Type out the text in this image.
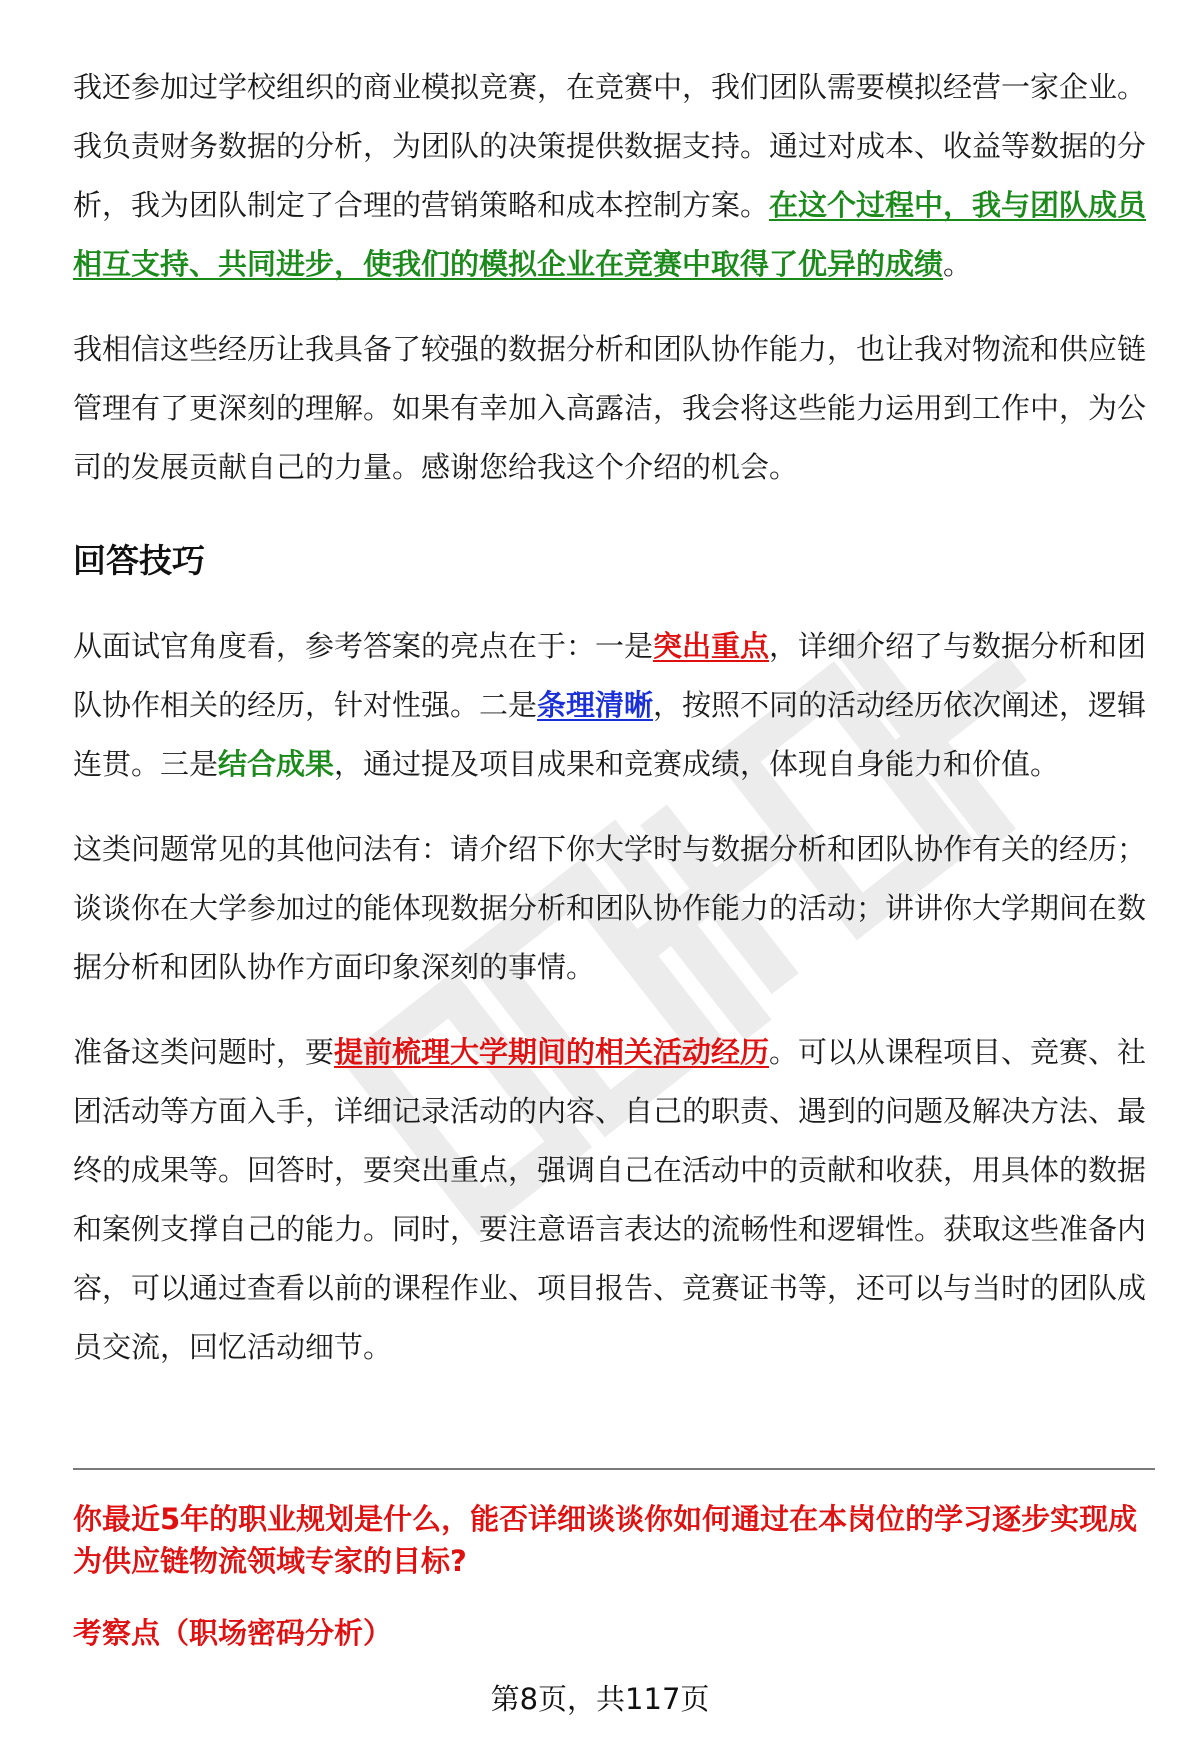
我还参加过学校组织的商业模拟竞赛，在竞赛中，我们团队需要模拟经营一家企业。我负责财务数据的分析，为团队的决策提供数据支持。通过对成本、收益等数据的分析，我为团队制定了合理的营销策略和成本控制方案。在这个过程中，我与团队成员相互支持、共同进步，使我们的模拟企业在竞赛中取得了优异的成绩。

我相信这些经历让我具备了较强的数据分析和团队协作能力，也让我对物流和供应链管理有了更深刻的理解。如果有幸加入高露洁，我会将这些能力运用到工作中，为公司的发展贡献自己的力量。感谢您给我这个介绍的机会。

回答技巧

从面试官角度看，参考答案的亮点在于：一是突出重点，详细介绍了与数据分析和团队协作相关的经历，针对性强。二是条理清晰，按照不同的活动经历依次阐述，逻辑连贯。三是结合成果，通过提及项目成果和竞赛成绩，体现自身能力和价值。

这类问题常见的其他问法有：请介绍下你大学时与数据分析和团队协作有关的经历；谈谈你在大学参加过的能体现数据分析和团队协作能力的活动；讲讲你大学期间在数据分析和团队协作方面印象深刻的事情。

准备这类问题时，要提前梳理大学期间的相关活动经历。可以从课程项目、竞赛、社团活动等方面入手，详细记录活动的内容、自己的职责、遇到的问题及解决方法、最终的成果等。回答时，要突出重点，强调自己在活动中的贡献和收获，用具体的数据和案例支撑自己的能力。同时，要注意语言表达的流畅性和逻辑性。获取这些准备内容，可以通过查看以前的课程作业、项目报告、竞赛证书等，还可以与当时的团队成员交流，回忆活动细节。

你最近5年的职业规划是什么，能否详细谈谈你如何通过在本岗位的学习逐步实现成为供应链物流领域专家的目标?

考察点（职场密码分析）

第8页，共117页
